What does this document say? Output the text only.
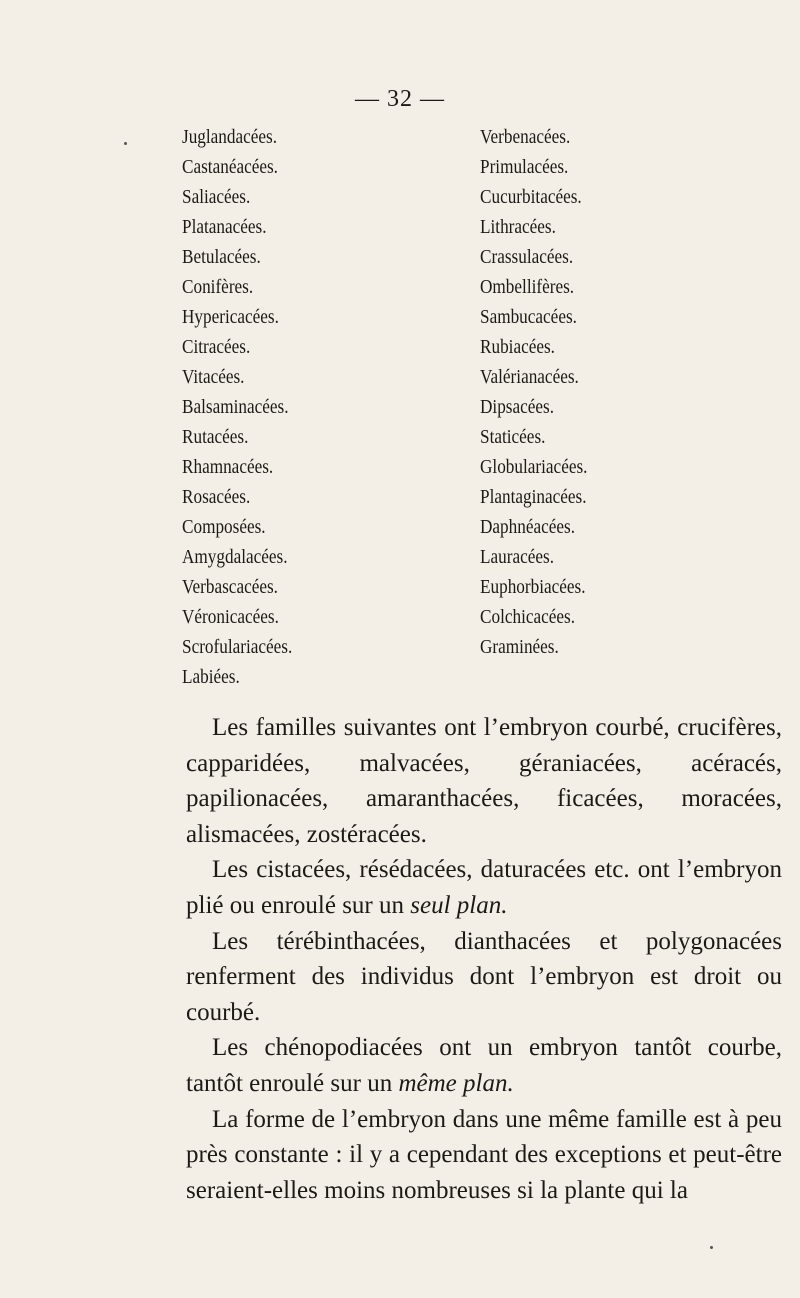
— 32 —
Juglandacées.
Castanéacées.
Saliacées.
Platanacées.
Betulacées.
Conifères.
Hypericacées.
Citracées.
Vitacées.
Balsaminacées.
Rutacées.
Rhamnacées.
Rosacées.
Composées.
Amygdalacées.
Verbascacées.
Véronicacées.
Scrofulariacées.
Labiées.
Verbenacées.
Primulacées.
Cucurbitacées.
Lithracées.
Crassulacées.
Ombellifères.
Sambucacées.
Rubiacées.
Valérianacées.
Dipsacées.
Staticées.
Globulariacées.
Plantaginacées.
Daphnéacées.
Lauracées.
Euphorbiacées.
Colchicacées.
Graminées.

Les familles suivantes ont l’embryon courbé, crucifères, capparidées, malvacées, géraniacées, acéracés, papilionacées, amaranthacées, ficacées, moracées, alismacées, zostéracées.

Les cistacées, résédacées, daturacées etc. ont l’embryon plié ou enroulé sur un seul plan.

Les térébinthacées, dianthacées et polygonacées renferment des individus dont l’embryon est droit ou courbé.

Les chénopodiacées ont un embryon tantôt courbe, tantôt enroulé sur un même plan.

La forme de l’embryon dans une même famille est à peu près constante : il y a cependant des exceptions et peut-être seraient-elles moins nombreuses si la plante qui la
